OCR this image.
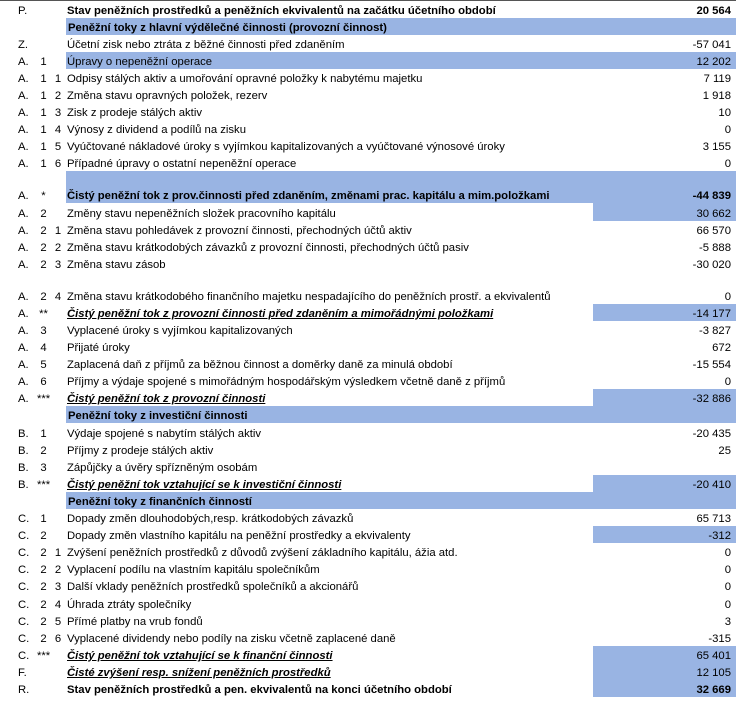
P.			Stav peněžních prostředků a peněžních ekvivalentů na začátku účetního období	20 564
			Peněžní toky z hlavní výdělečné činnosti (provozní činnost)	
Z.			Účetní zisk nebo ztráta z běžné činnosti před zdaněním	-57 041
A.	1		Úpravy o nepeněžní operace	12 202
A.	1	1	Odpisy stálých aktiv a umořování opravné položky k nabytému majetku	7 119
A.	1	2	Změna stavu opravných položek, rezerv	1 918
A.	1	3	Zisk z prodeje stálých aktiv	10
A.	1	4	Výnosy z dividend a podílů na zisku	0
A.	1	5	Vyúčtované nákladové úroky s vyjímkou kapitalizovaných a vyúčtované výnosové úroky	3 155
A.	1	6	Případné úpravy o ostatní nepeněžní operace	0
A.	*		Čistý peněžní tok z prov.činnosti před zdaněním, změnami prac. kapitálu a mim.položkami	-44 839
A.	2		Změny stavu nepeněžních složek pracovního kapitálu	30 662
A.	2	1	Změna stavu pohledávek z provozní činnosti, přechodných účtů aktiv	66 570
A.	2	2	Změna stavu krátkodobých závazků z provozní činnosti, přechodných účtů pasiv	-5 888
A.	2	3	Změna stavu zásob	-30 020
A.	2	4	Změna stavu krátkodobého finančního majetku nespadajícího do peněžních prostř. a ekvivalentů	0
A.	**		Čistý peněžní tok z provozní činnosti před zdaněním a mimořádnými položkami	-14 177
A.	3		Vyplacené úroky s vyjímkou kapitalizovaných	-3 827
A.	4		Přijaté úroky	672
A.	5		Zaplacená daň z příjmů za běžnou činnost a doměrky daně za minulá období	-15 554
A.	6		Příjmy a výdaje spojené s mimořádným hospodářským výsledkem včetně daně z příjmů	0
A.	***		Čistý peněžní tok z provozní činnosti	-32 886
			Peněžní toky z investiční činnosti	
B.	1		Výdaje spojené s nabytím stálých aktiv	-20 435
B.	2		Příjmy z prodeje stálých aktiv	25
B.	3		Zápůjčky a úvěry spřízněným osobám	
B.	***		Čistý peněžní tok vztahující se k investiční činnosti	-20 410
			Peněžní toky z finančních činností	
C.	1		Dopady změn dlouhodobých,resp. krátkodobých závazků	65 713
C.	2		Dopady změn vlastního kapitálu na peněžní prostředky a ekvivalenty	-312
C.	2	1	Zvýšení peněžních prostředků z důvodů zvýšení základního kapitálu, ážia atd.	0
C.	2	2	Vyplacení podílu na vlastním kapitálu společníkům	0
C.	2	3	Další vklady peněžních prostředků společníků a akcionářů	0
C.	2	4	Úhrada ztráty společníky	0
C.	2	5	Přímé platby na vrub fondů	3
C.	2	6	Vyplacené dividendy nebo podíly na zisku včetně zaplacené daně	-315
C.	***		Čistý peněžní tok vztahující se k finanční činnosti	65 401
F.			Čisté zvýšení resp. snížení peněžních prostředků	12 105
R.			Stav peněžních prostředků a pen. ekvivalentů na konci účetního období	32 669
